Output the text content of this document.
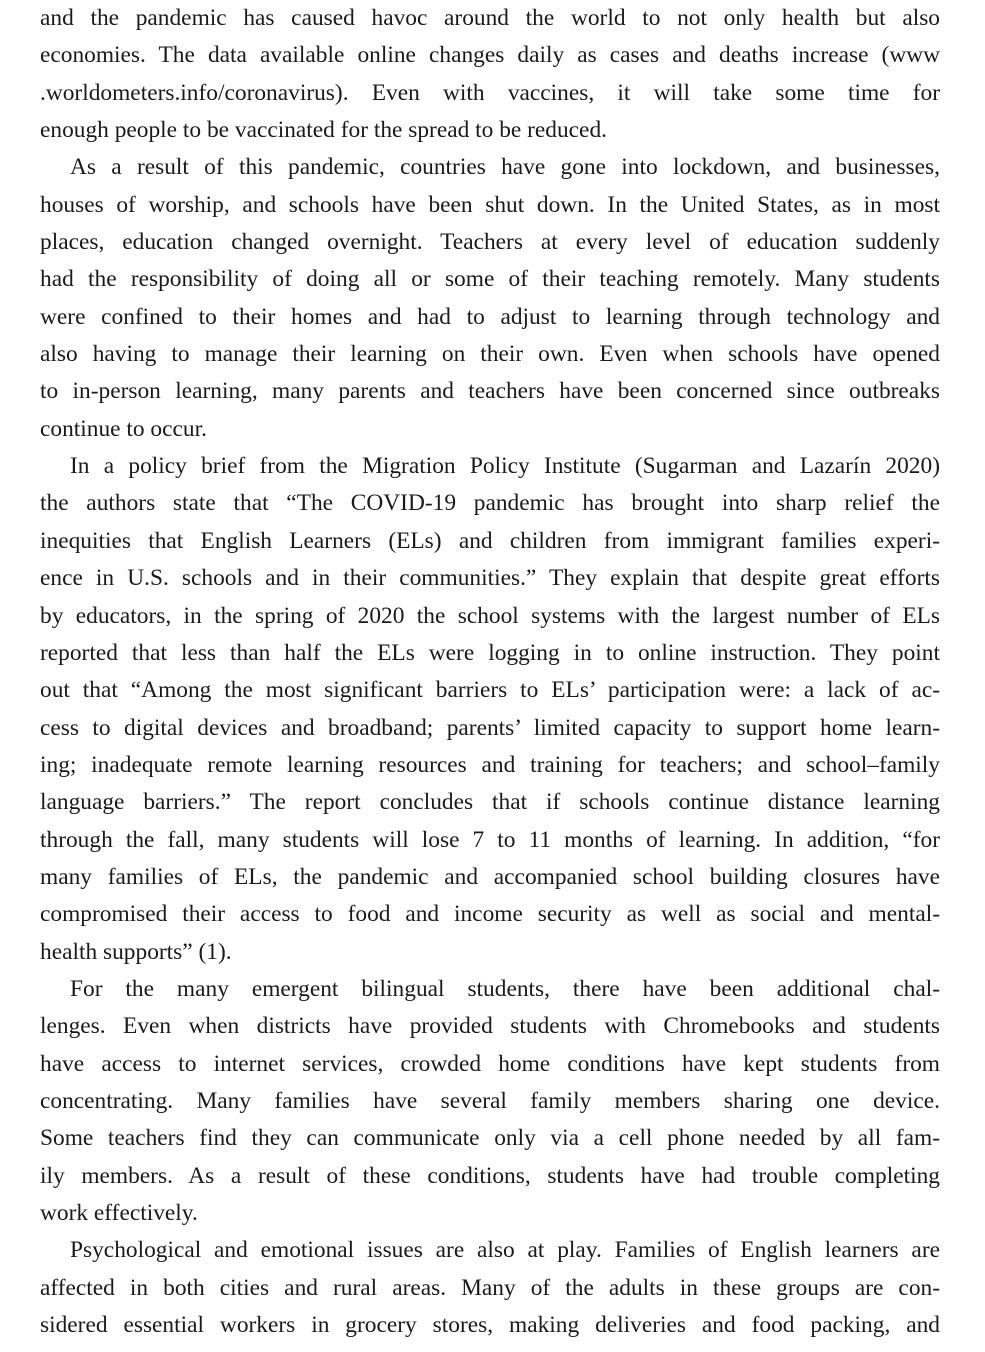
and the pandemic has caused havoc around the world to not only health but also
economies. The data available online changes daily as cases and deaths increase (www
.worldometers.info/coronavirus). Even with vaccines, it will take some time for
enough people to be vaccinated for the spread to be reduced.
As a result of this pandemic, countries have gone into lockdown, and businesses,
houses of worship, and schools have been shut down. In the United States, as in most
places, education changed overnight. Teachers at every level of education suddenly
had the responsibility of doing all or some of their teaching remotely. Many students
were confined to their homes and had to adjust to learning through technology and
also having to manage their learning on their own. Even when schools have opened
to in-person learning, many parents and teachers have been concerned since outbreaks
continue to occur.
In a policy brief from the Migration Policy Institute (Sugarman and Lazarín 2020)
the authors state that “The COVID-19 pandemic has brought into sharp relief the
inequities that English Learners (ELs) and children from immigrant families experi-
ence in U.S. schools and in their communities.” They explain that despite great efforts
by educators, in the spring of 2020 the school systems with the largest number of ELs
reported that less than half the ELs were logging in to online instruction. They point
out that “Among the most significant barriers to ELs’ participation were: a lack of ac-
cess to digital devices and broadband; parents’ limited capacity to support home learn-
ing; inadequate remote learning resources and training for teachers; and school–family
language barriers.” The report concludes that if schools continue distance learning
through the fall, many students will lose 7 to 11 months of learning. In addition, “for
many families of ELs, the pandemic and accompanied school building closures have
compromised their access to food and income security as well as social and mental-
health supports” (1).
For the many emergent bilingual students, there have been additional chal-
lenges. Even when districts have provided students with Chromebooks and students
have access to internet services, crowded home conditions have kept students from
concentrating. Many families have several family members sharing one device.
Some teachers find they can communicate only via a cell phone needed by all fam-
ily members. As a result of these conditions, students have had trouble completing
work effectively.
Psychological and emotional issues are also at play. Families of English learners are
affected in both cities and rural areas. Many of the adults in these groups are con-
sidered essential workers in grocery stores, making deliveries and food packing, and
